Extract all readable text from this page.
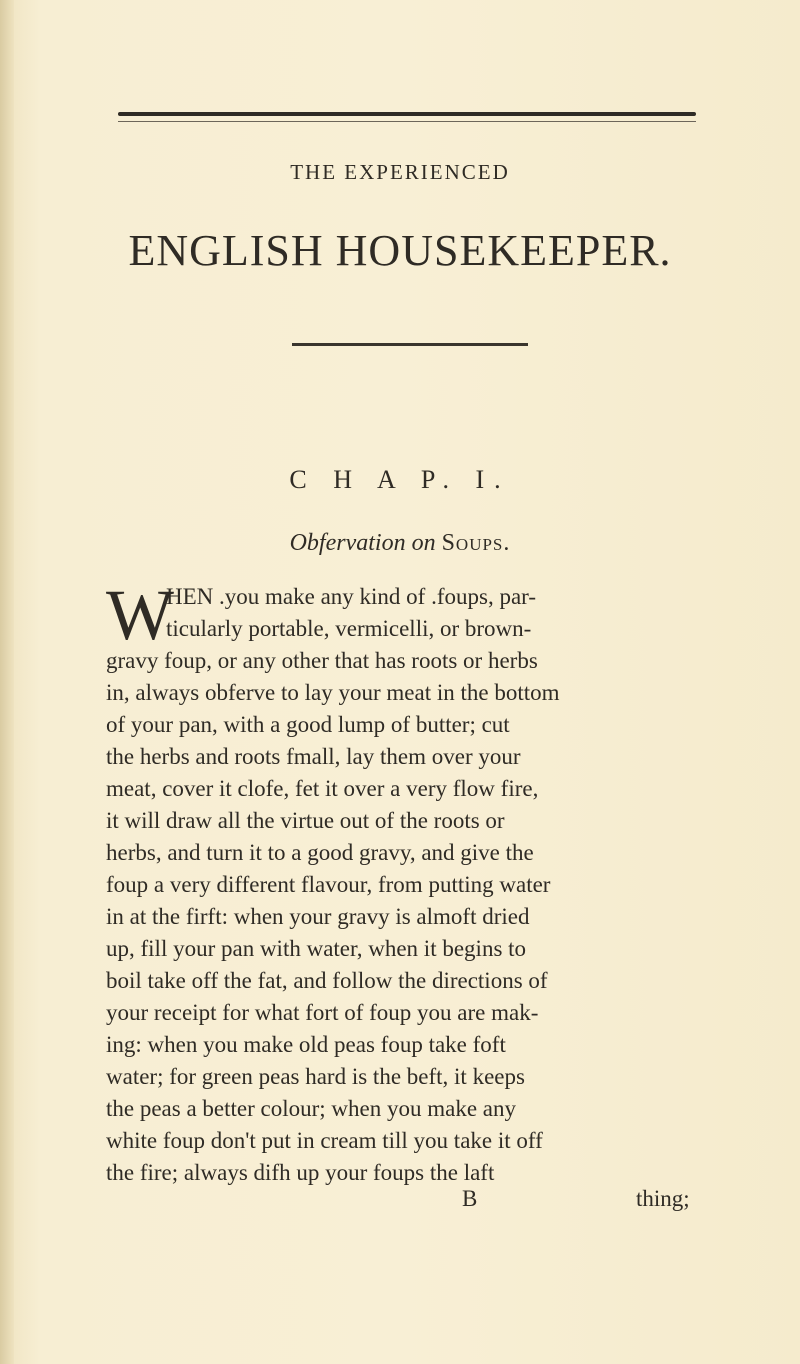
THE EXPERIENCED
ENGLISH HOUSEKEEPER.
C H A P. I.
Obfervation on Soups.
W
HEN .you make any kind of .foups, par-
ticularly portable, vermicelli, or brown-
gravy foup, or any other that has roots or herbs
in, always obferve to lay your meat in the bottom
of your pan, with a good lump of butter; cut
the herbs and roots fmall, lay them over your
meat, cover it clofe, fet it over a very flow fire,
it will draw all the virtue out of the roots or
herbs, and turn it to a good gravy, and give the
foup a very different flavour, from putting water
in at the firft: when your gravy is almoft dried
up, fill your pan with water, when it begins to
boil take off the fat, and follow the directions of
your receipt for what fort of foup you are mak-
ing: when you make old peas foup take foft
water; for green peas hard is the beft, it keeps
the peas a better colour; when you make any
white foup don't put in cream till you take it off
the fire; always difh up your foups the laft
B	thing;
